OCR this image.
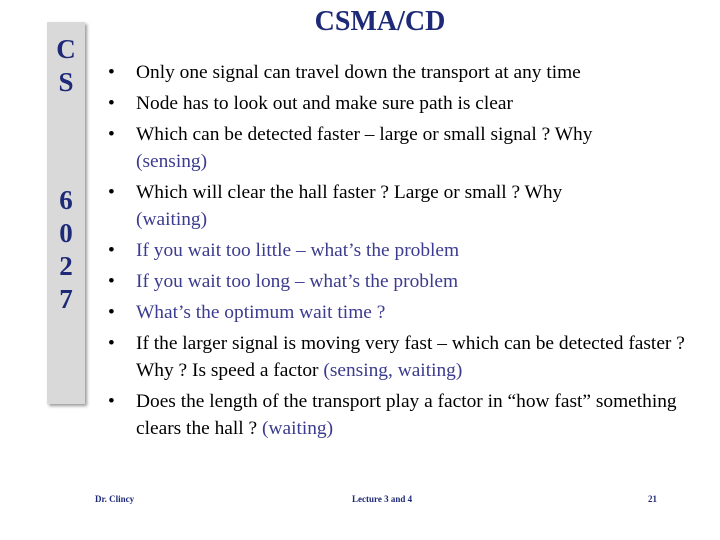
C
S
6
0
2
7
CSMA/CD
• Only one signal can travel down the transport at any time
• Node has to look out and make sure path is clear
• Which can be detected faster – large or small signal ? Why
(sensing)
• Which will clear the hall faster ? Large or small ? Why
(waiting)
• If you wait too little – what’s the problem
• If you wait too long – what’s the problem
• What’s the optimum wait time ?
• If the larger signal is moving very fast – which can be detected faster ? Why ? Is speed a factor (sensing, waiting)
• Does the length of the transport play a factor in “how fast” something clears the hall ? (waiting)
Dr. Clincy	Lecture 3 and 4	21
